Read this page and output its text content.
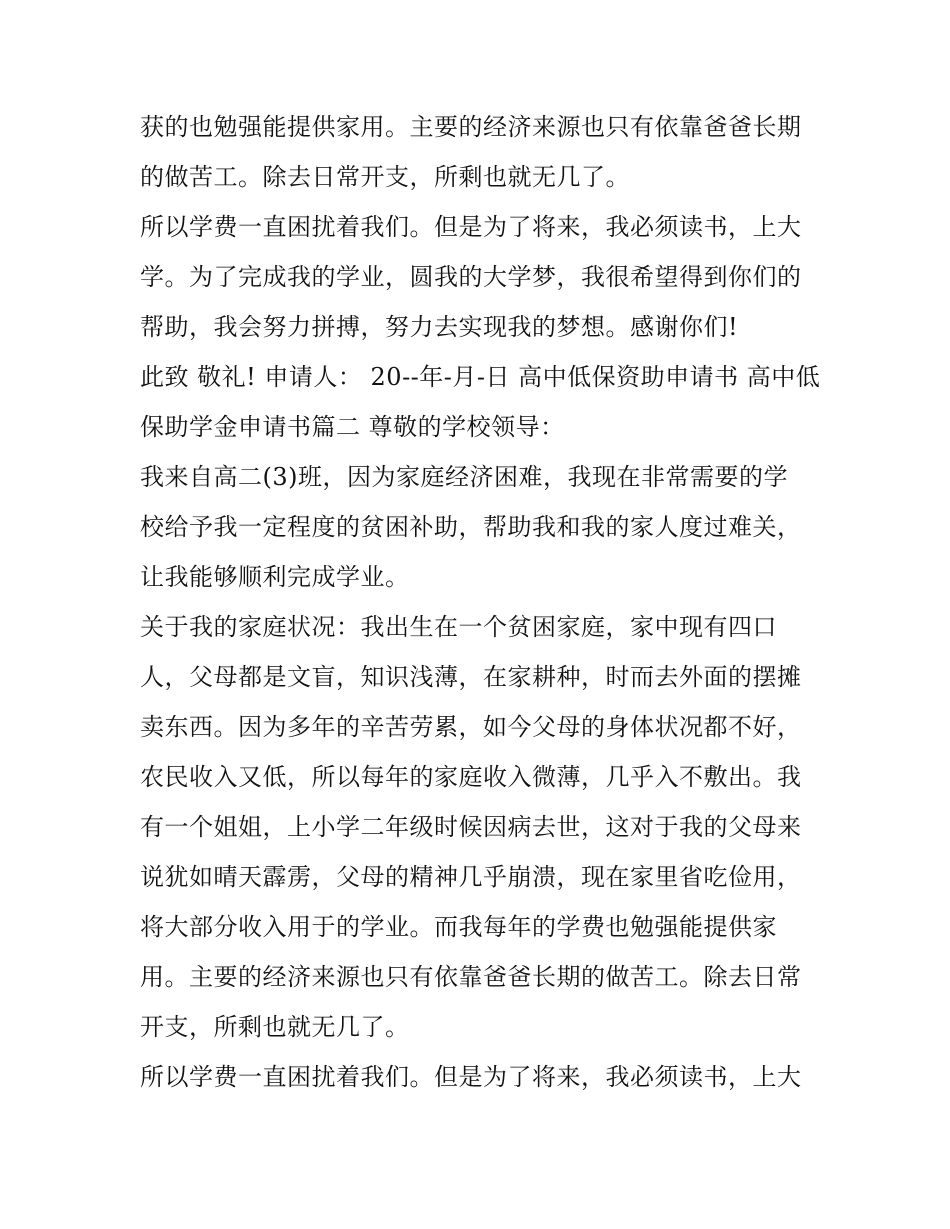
获的也勉强能提供家用。主要的经济来源也只有依靠爸爸长期
的做苦工。除去日常开支，所剩也就无几了。
所以学费一直困扰着我们。但是为了将来，我必须读书，上大
学。为了完成我的学业，圆我的大学梦，我很希望得到你们的
帮助，我会努力拼搏，努力去实现我的梦想。感谢你们!
此致 敬礼! 申请人： 20--年-月-日 高中低保资助申请书 高中低
保助学金申请书篇二 尊敬的学校领导：
我来自高二(3)班，因为家庭经济困难，我现在非常需要的学
校给予我一定程度的贫困补助，帮助我和我的家人度过难关，
让我能够顺利完成学业。
关于我的家庭状况：我出生在一个贫困家庭，家中现有四口
人，父母都是文盲，知识浅薄，在家耕种，时而去外面的摆摊
卖东西。因为多年的辛苦劳累，如今父母的身体状况都不好，
农民收入又低，所以每年的家庭收入微薄，几乎入不敷出。我
有一个姐姐，上小学二年级时候因病去世，这对于我的父母来
说犹如晴天霹雳，父母的精神几乎崩溃，现在家里省吃俭用，
将大部分收入用于的学业。而我每年的学费也勉强能提供家
用。主要的经济来源也只有依靠爸爸长期的做苦工。除去日常
开支，所剩也就无几了。
所以学费一直困扰着我们。但是为了将来，我必须读书，上大
